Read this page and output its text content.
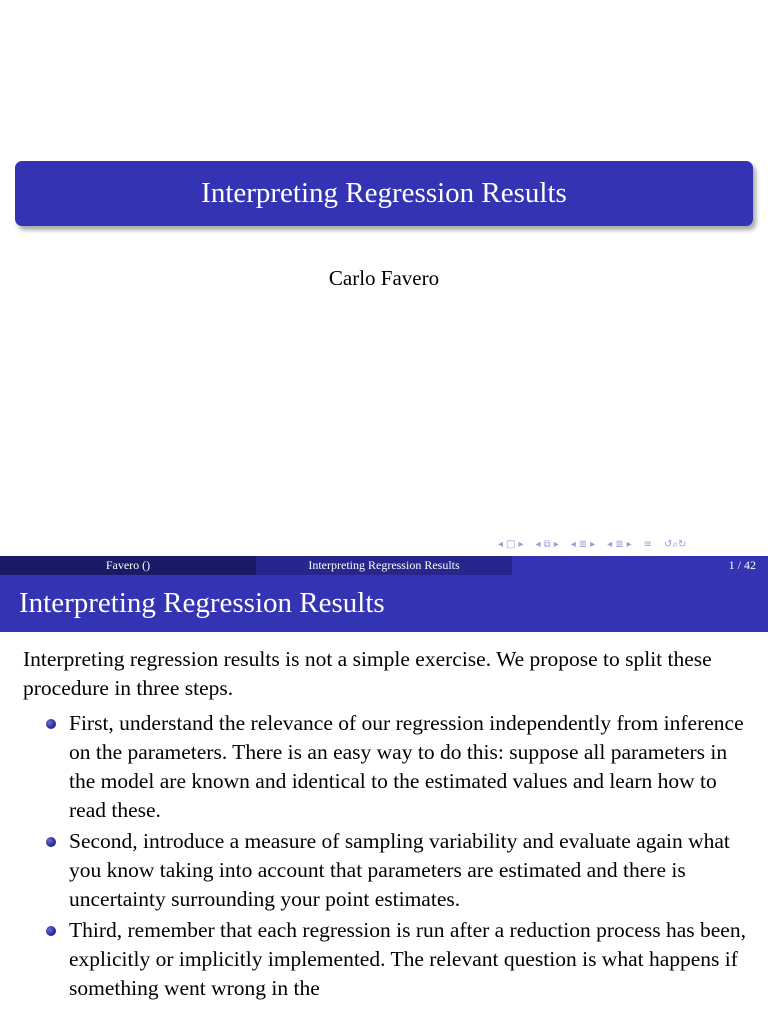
Interpreting Regression Results
Carlo Favero
◂ □ ▸ ◂ ⧉ ▸ ◂ ≣ ▸ ◂ ≣ ▸ ≡ ↺⌕↻
Favero ()	Interpreting Regression Results	1 / 42
Interpreting Regression Results

Interpreting regression results is not a simple exercise. We propose to split these procedure in three steps.

First, understand the relevance of our regression independently from inference on the parameters. There is an easy way to do this: suppose all parameters in the model are known and identical to the estimated values and learn how to read these.
Second, introduce a measure of sampling variability and evaluate again what you know taking into account that parameters are estimated and there is uncertainty surrounding your point estimates.
Third, remember that each regression is run after a reduction process has been, explicitly or implicitly implemented. The relevant question is what happens if something went wrong in the
